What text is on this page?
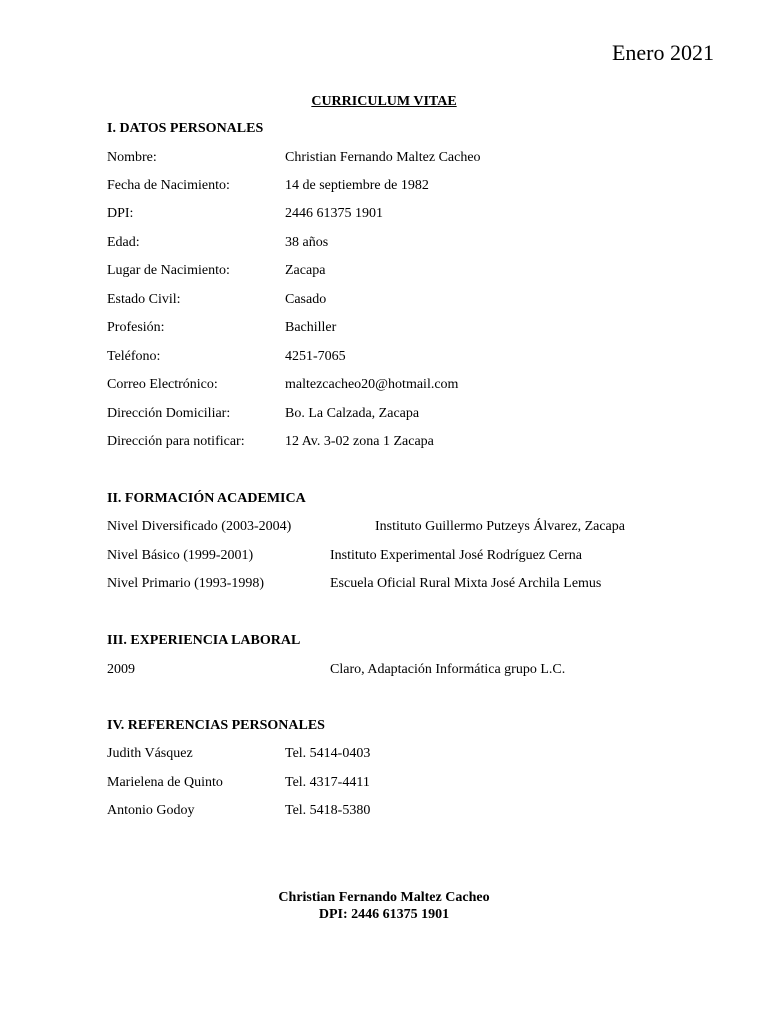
Enero 2021
CURRICULUM VITAE
I. DATOS PERSONALES
Nombre:	Christian Fernando Maltez Cacheo
Fecha de Nacimiento:	14 de septiembre de 1982
DPI:	2446 61375 1901
Edad:	38 años
Lugar de Nacimiento:	Zacapa
Estado Civil:	Casado
Profesión:	Bachiller
Teléfono:	4251-7065
Correo Electrónico:	maltezcacheo20@hotmail.com
Dirección Domiciliar:	Bo. La Calzada, Zacapa
Dirección para notificar:	12 Av. 3-02 zona 1 Zacapa
II. FORMACIÓN ACADEMICA
Nivel Diversificado (2003-2004)	Instituto Guillermo Putzeys Álvarez, Zacapa
Nivel Básico (1999-2001)	Instituto Experimental José Rodríguez Cerna
Nivel Primario (1993-1998)	Escuela Oficial Rural Mixta José Archila Lemus
III. EXPERIENCIA LABORAL
2009	Claro, Adaptación Informática grupo L.C.
IV. REFERENCIAS PERSONALES
Judith Vásquez	Tel. 5414-0403
Marielena de Quinto	Tel. 4317-4411
Antonio Godoy	Tel. 5418-5380
Christian Fernando Maltez Cacheo
DPI: 2446 61375 1901
